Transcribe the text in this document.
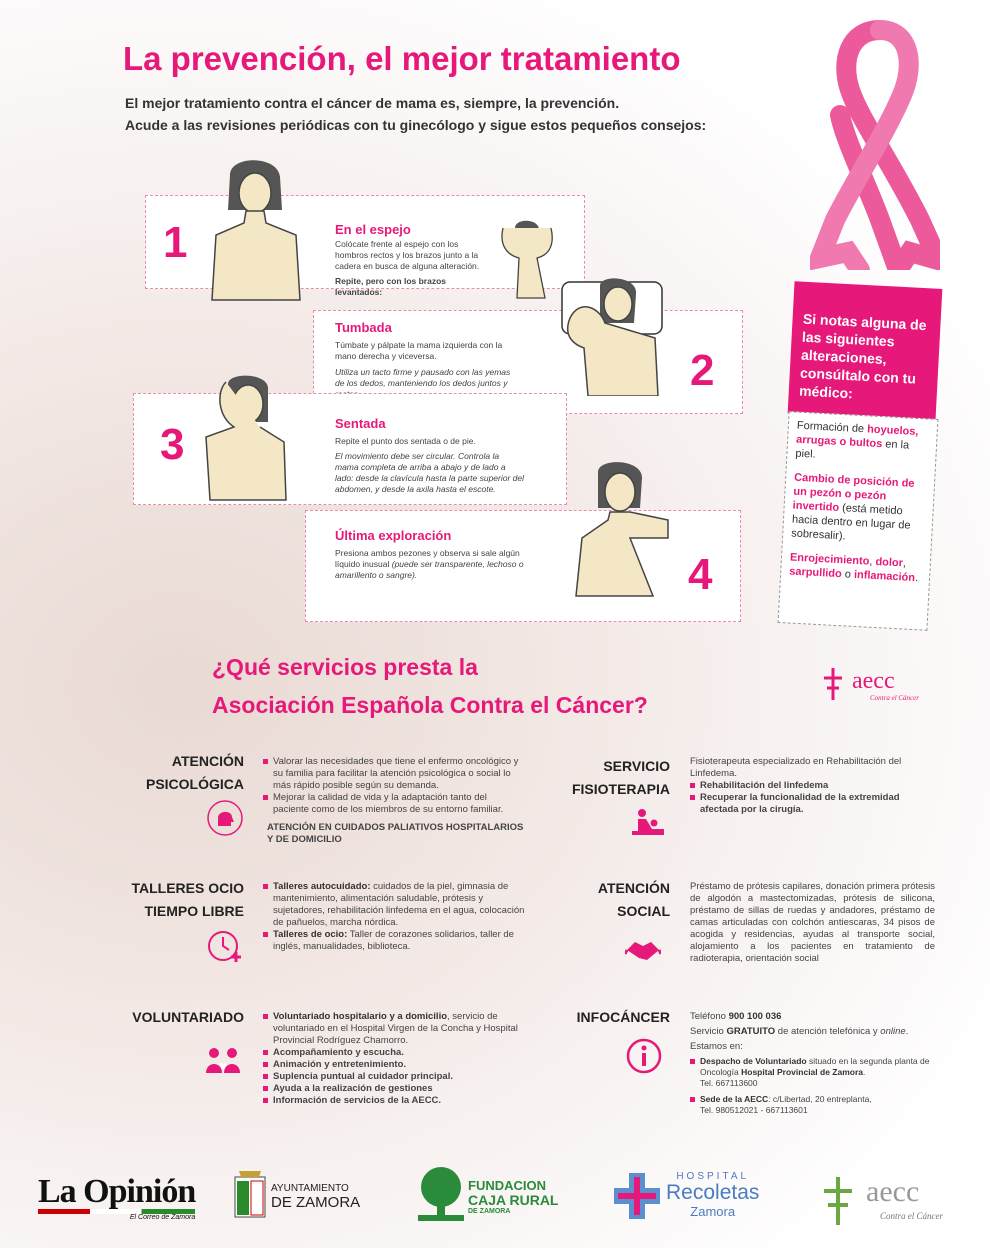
La prevención, el mejor tratamiento
El mejor tratamiento contra el cáncer de mama es, siempre, la prevención.
Acude a las revisiones periódicas con tu ginecólogo y sigue estos pequeños consejos:
1	En el espejo
Colócate frente al espejo con los hombros rectos y los brazos junto a la cadera en busca de alguna alteración.
Repite, pero con los brazos levantados:
Tumbada
Túmbate y pálpate la mama izquierda con la mano derecha y viceversa.
Utiliza un tacto firme y pausado con las yemas de los dedos, manteniendo los dedos juntos y	2
3	Sentada
Repite el punto dos sentada o de pie.
El movimiento debe ser circular. Controla la mama completa de arriba a abajo y de lado a lado: desde la clavícula hasta la parte superior del abdomen, y desde la axila hasta el escote.
Última exploración
Presiona ambos pezones y observa si sale algún líquido inusual (puede ser transparente, lechoso o amarillento o sangre).	4
Si notas alguna de las siguientes alteraciones, consúltalo con tu médico:

Formación de hoyuelos, arrugas o bultos en la piel.

Cambio de posición de un pezón o pezón invertido (está metido hacia dentro en lugar de sobresalir).

Enrojecimiento, dolor, sarpullido o inflamación.

¿Qué servicios presta la
Asociación Española Contra el Cáncer?
aecc
Contra el Cáncer
ATENCIÓN
PSICOLÓGICA
Valorar las necesidades que tiene el enfermo oncológico y su familia para facilitar la atención psicológica o social lo más rápido posible según su demanda.
Mejorar la calidad de vida y la adaptación tanto del paciente como de los miembros de su entorno familiar.

ATENCIÓN EN CUIDADOS PALIATIVOS HOSPITALARIOS Y DE DOMICILIO

SERVICIO
FISIOTERAPIA

Fisioterapeuta especializado en Rehabilitación del Linfedema.

Rehabilitación del linfedema
Recuperar la funcionalidad de la extremidad afectada por la cirugía.
TALLERES OCIO
TIEMPO LIBRE
Talleres autocuidado: cuidados de la piel, gimnasia de mantenimiento, alimentación saludable, prótesis y sujetadores, rehabilitación linfedema en el agua, colocación de pañuelos, marcha nórdica.
Talleres de ocio: Taller de corazones solidarios, taller de inglés, manualidades, biblioteca.
ATENCIÓN
SOCIAL
Préstamo de prótesis capilares, donación primera prótesis de algodón a mastectomizadas, prótesis de silicona, préstamo de sillas de ruedas y andadores, préstamo de camas articuladas con colchón antiescaras, 34 pisos de acogida y residencias, ayudas al transporte social, alojamiento a los pacientes en tratamiento de radioterapia, orientación social
VOLUNTARIADO	Voluntariado hospitalario y a domicilio, servicio de voluntariado en el Hospital Virgen de la Concha y Hospital Provincial Rodríguez Chamorro.
Acompañamiento y escucha.
Animación y entretenimiento.
Suplencia puntual al cuidador principal.
Ayuda a la realización de gestiones
Información de servicios de la AECC.
INFOCÁNCER Teléfono 900 100 036

Servicio GRATUITO de atención telefónica y online.

Estamos en:

Despacho de Voluntariado situado en la segunda planta de Oncología Hospital Provincial de Zamora.
Tel. 667113600
Sede de la AECC: c/Libertad, 20 entreplanta,
Tel. 980512021 - 667113601
La Opinión
El Correo de Zamora
AYUNTAMIENTO
DE ZAMORA
FUNDACION
CAJA RURAL
DE ZAMORA
HOSPITAL
Recoletas
Zamora
aecc
Contra el Cáncer
